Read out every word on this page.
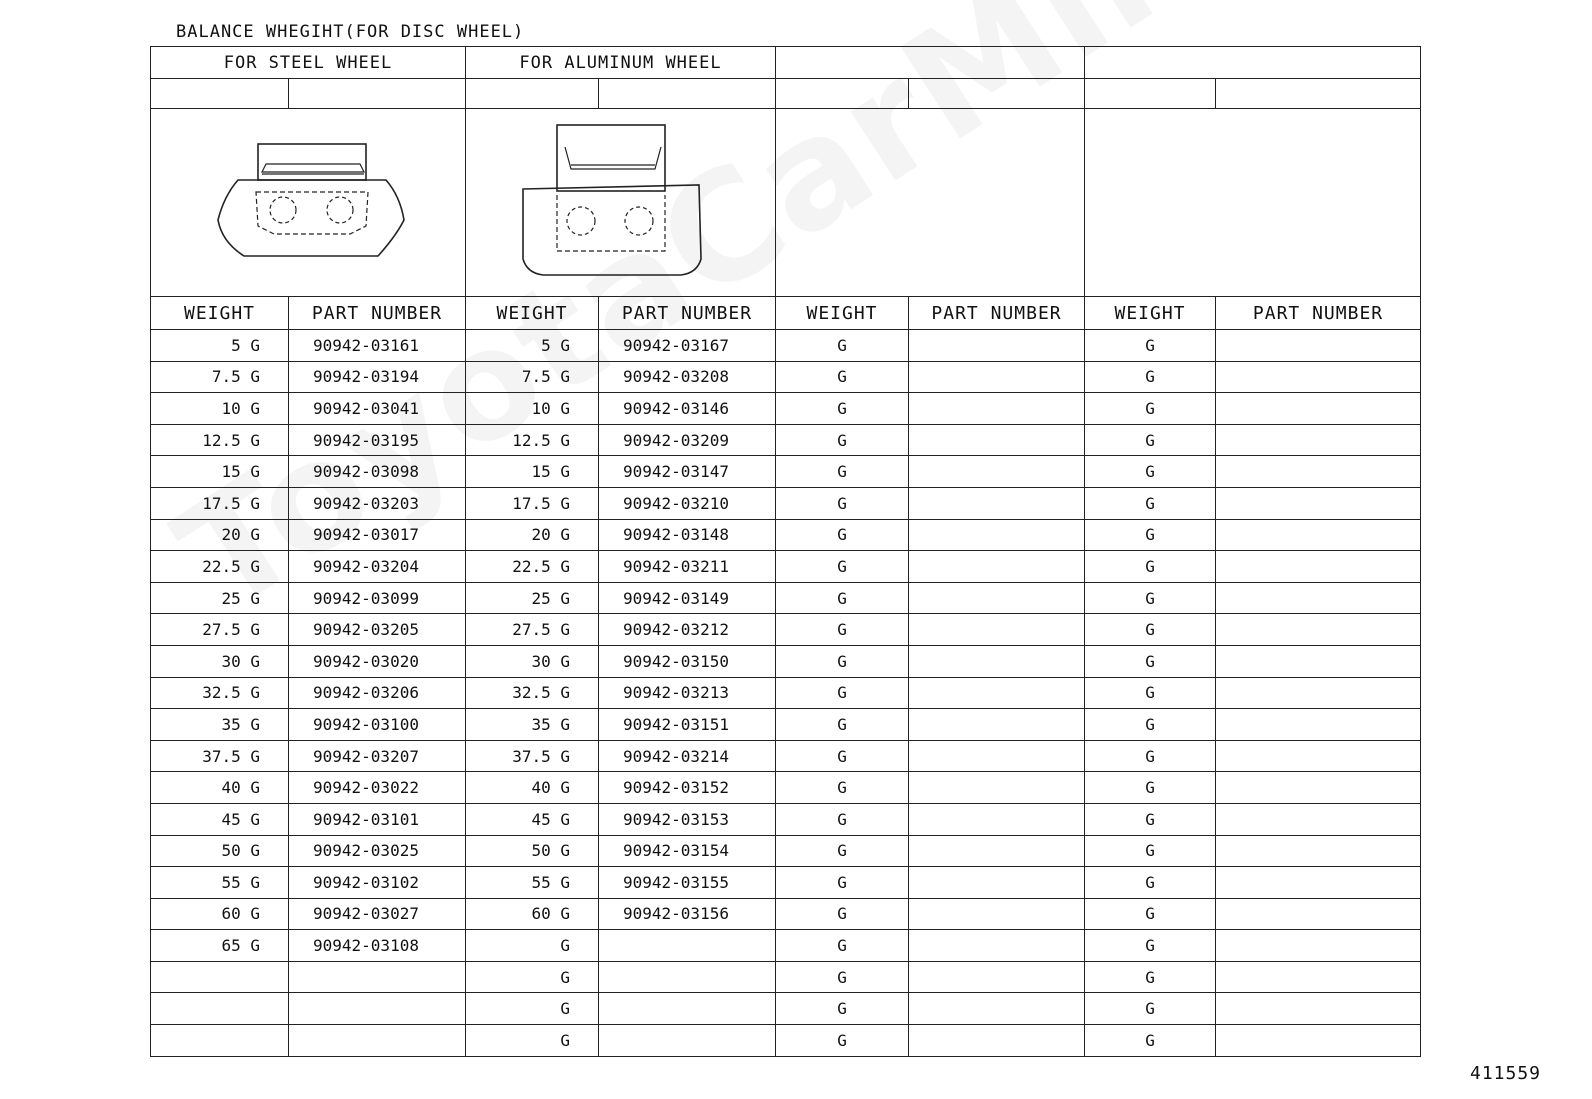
BALANCE WHEGIHT(FOR DISC WHEEL)
411559
FOR STEEL WHEEL		FOR ALUMINUM WHEEL					

WEIGHT	PART NUMBER	WEIGHT	PART NUMBER	WEIGHT	PART NUMBER	WEIGHT	PART NUMBER
5 G	90942-03161	5 G	90942-03167	G		G	
7.5 G	90942-03194	7.5 G	90942-03208	G		G	
10 G	90942-03041	10 G	90942-03146	G		G	
12.5 G	90942-03195	12.5 G	90942-03209	G		G	
15 G	90942-03098	15 G	90942-03147	G		G	
17.5 G	90942-03203	17.5 G	90942-03210	G		G	
20 G	90942-03017	20 G	90942-03148	G		G	
22.5 G	90942-03204	22.5 G	90942-03211	G		G	
25 G	90942-03099	25 G	90942-03149	G		G	
27.5 G	90942-03205	27.5 G	90942-03212	G		G	
30 G	90942-03020	30 G	90942-03150	G		G	
32.5 G	90942-03206	32.5 G	90942-03213	G		G	
35 G	90942-03100	35 G	90942-03151	G		G	
37.5 G	90942-03207	37.5 G	90942-03214	G		G	
40 G	90942-03022	40 G	90942-03152	G		G	
45 G	90942-03101	45 G	90942-03153	G		G	
50 G	90942-03025	50 G	90942-03154	G		G	
55 G	90942-03102	55 G	90942-03155	G		G	
60 G	90942-03027	60 G	90942-03156	G		G	
65 G	90942-03108	G		G		G	
		G		G		G	
		G		G		G	
		G		G		G	
